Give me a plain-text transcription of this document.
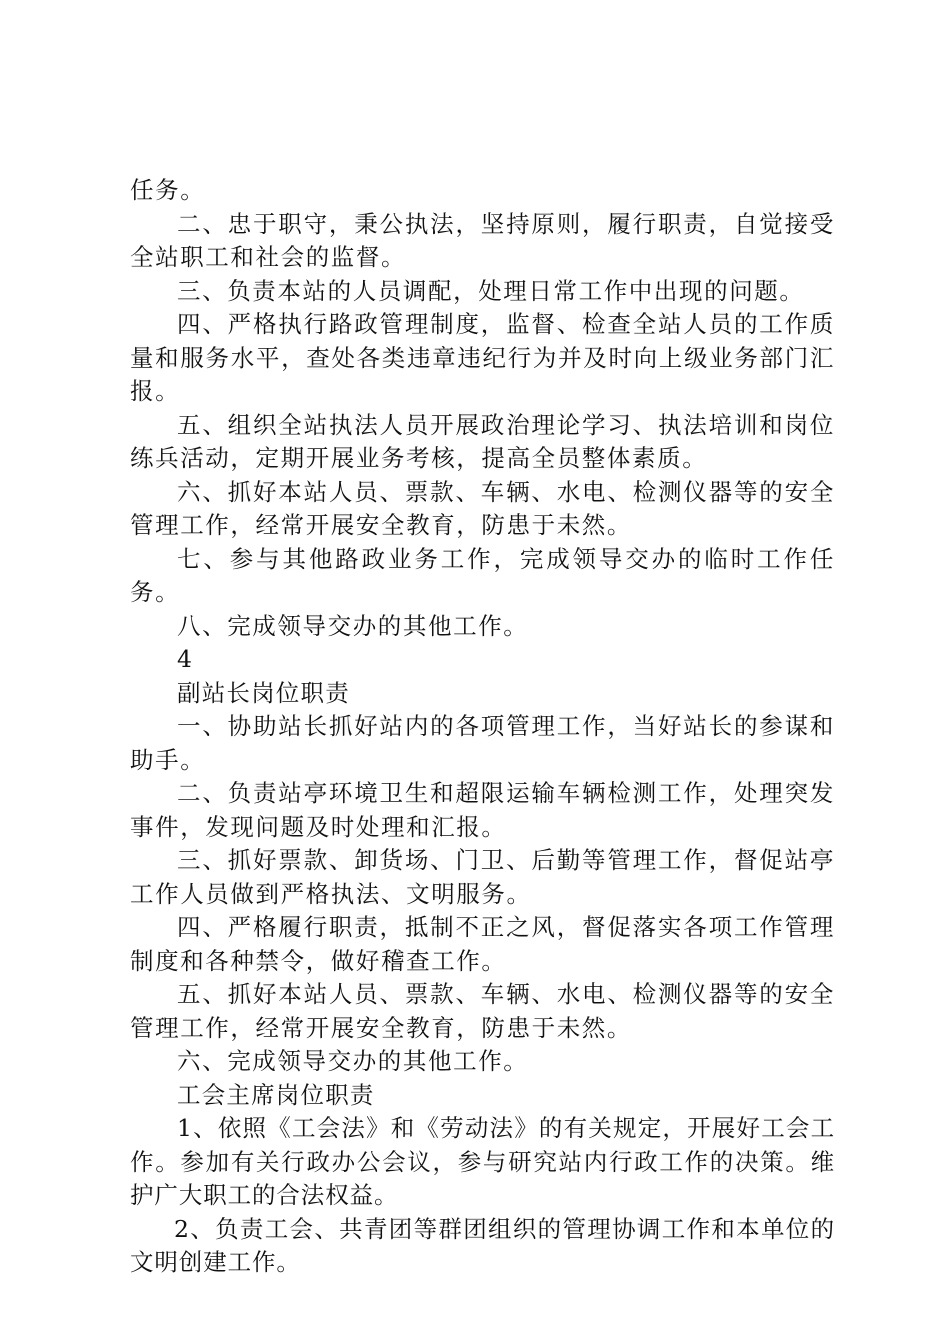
任务。

二、忠于职守，秉公执法，坚持原则，履行职责，自觉接受全站职工和社会的监督。

三、负责本站的人员调配，处理日常工作中出现的问题。

四、严格执行路政管理制度，监督、检查全站人员的工作质量和服务水平，查处各类违章违纪行为并及时向上级业务部门汇报。

五、组织全站执法人员开展政治理论学习、执法培训和岗位练兵活动，定期开展业务考核，提高全员整体素质。

六、抓好本站人员、票款、车辆、水电、检测仪器等的安全管理工作，经常开展安全教育，防患于未然。

七、参与其他路政业务工作，完成领导交办的临时工作任务。

八、完成领导交办的其他工作。

4

副站长岗位职责

一、协助站长抓好站内的各项管理工作，当好站长的参谋和助手。

二、负责站亭环境卫生和超限运输车辆检测工作，处理突发事件，发现问题及时处理和汇报。

三、抓好票款、卸货场、门卫、后勤等管理工作，督促站亭工作人员做到严格执法、文明服务。

四、严格履行职责，抵制不正之风，督促落实各项工作管理制度和各种禁令，做好稽查工作。

五、抓好本站人员、票款、车辆、水电、检测仪器等的安全管理工作，经常开展安全教育，防患于未然。

六、完成领导交办的其他工作。

工会主席岗位职责

1、依照《工会法》和《劳动法》的有关规定，开展好工会工作。参加有关行政办公会议，参与研究站内行政工作的决策。维护广大职工的合法权益。

2、负责工会、共青团等群团组织的管理协调工作和本单位的文明创建工作。
